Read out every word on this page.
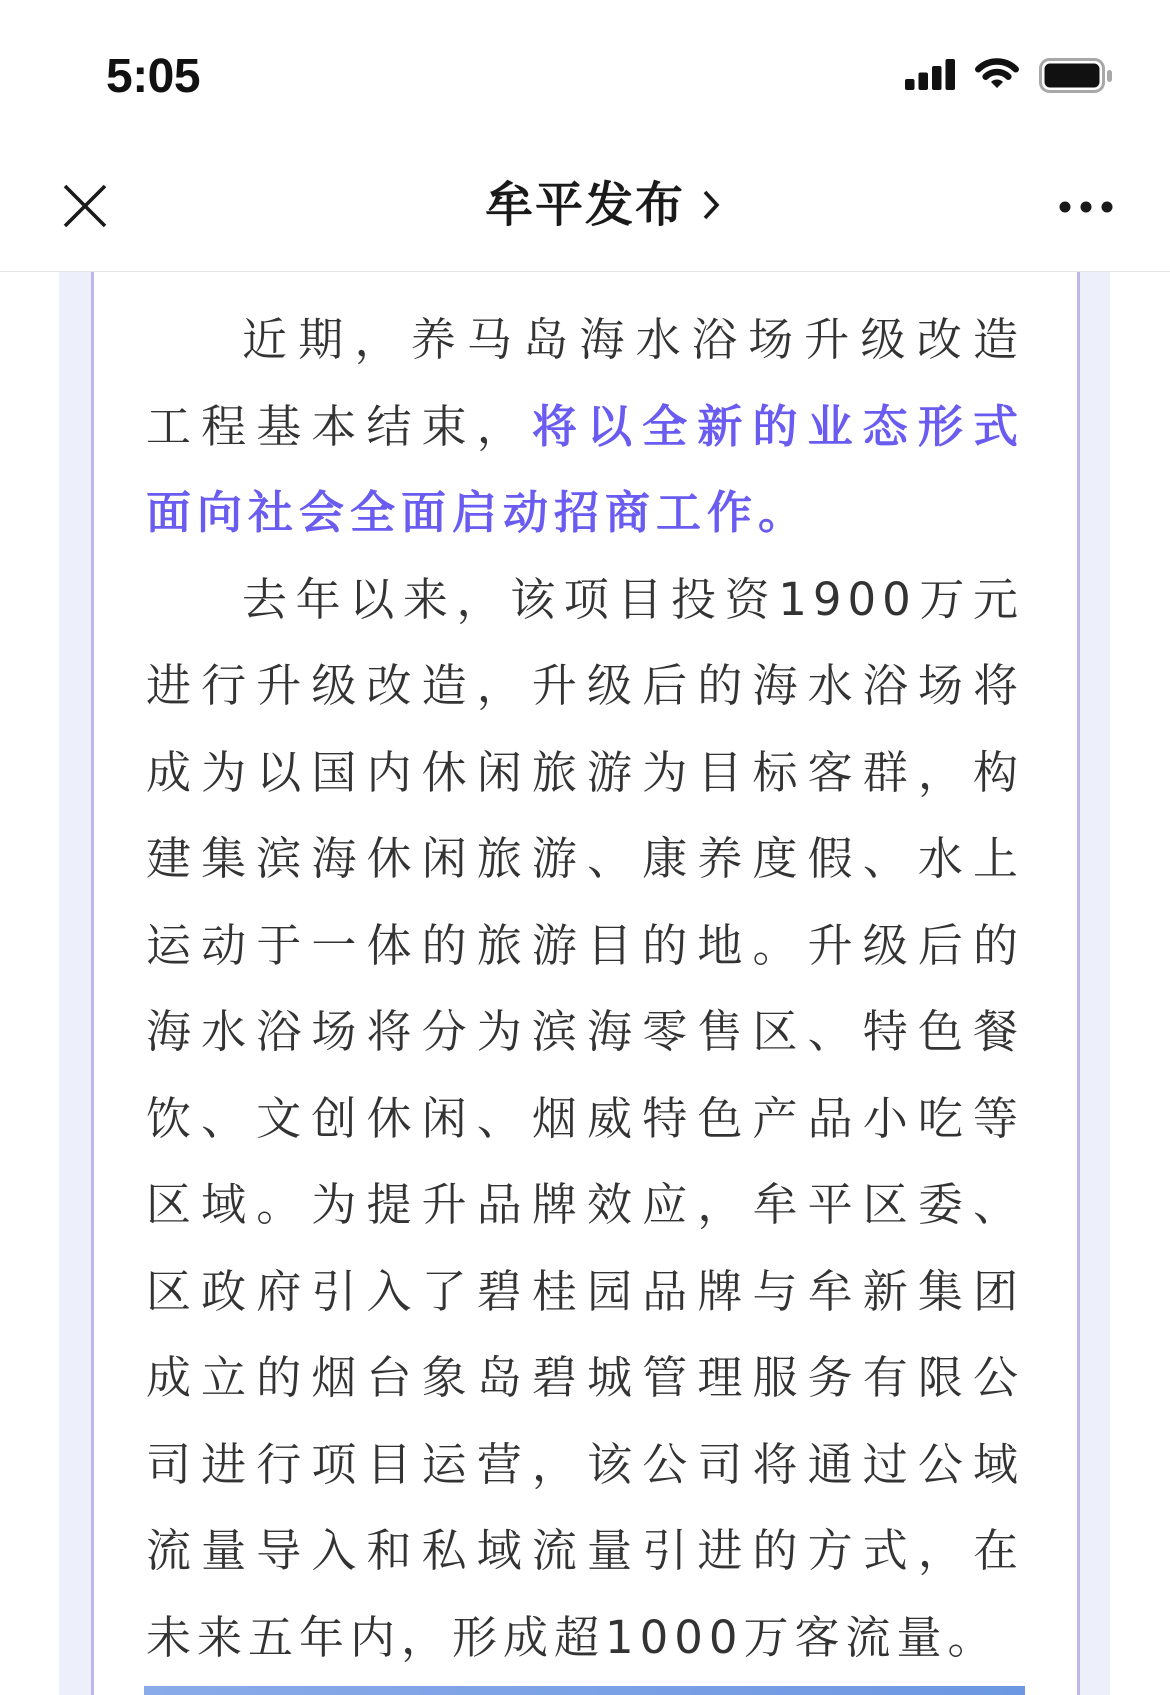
5:05
牟平发布
近期，养马岛海水浴场升级改造
工程基本结束，将以全新的业态形式
面向社会全面启动招商工作。
去年以来，该项目投资1900万元
进行升级改造，升级后的海水浴场将
成为以国内休闲旅游为目标客群，构
建集滨海休闲旅游、康养度假、水上
运动于一体的旅游目的地。升级后的
海水浴场将分为滨海零售区、特色餐
饮、文创休闲、烟威特色产品小吃等
区域。为提升品牌效应，牟平区委、
区政府引入了碧桂园品牌与牟新集团
成立的烟台象岛碧城管理服务有限公
司进行项目运营，该公司将通过公域
流量导入和私域流量引进的方式，在
未来五年内，形成超1000万客流量。
